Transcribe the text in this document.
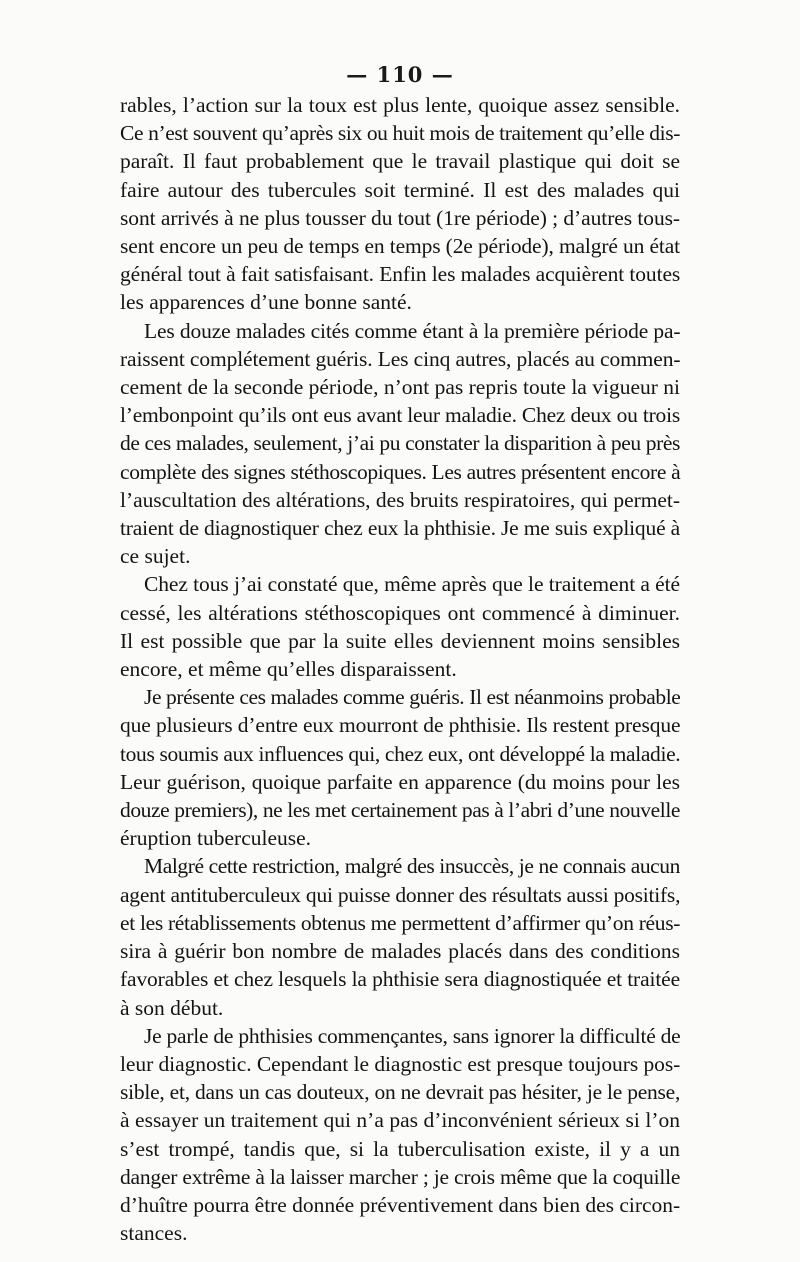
— 110 —

rables, l’action sur la toux est plus lente, quoique assez sensible.
Ce n’est souvent qu’après six ou huit mois de traitement qu’elle dis-
paraît. Il faut probablement que le travail plastique qui doit se
faire autour des tubercules soit terminé. Il est des malades qui
sont arrivés à ne plus tousser du tout (1re période) ; d’autres tous-
sent encore un peu de temps en temps (2e période), malgré un état
général tout à fait satisfaisant. Enfin les malades acquièrent toutes
les apparences d’une bonne santé.

Les douze malades cités comme étant à la première période pa-
raissent complétement guéris. Les cinq autres, placés au commen-
cement de la seconde période, n’ont pas repris toute la vigueur ni
l’embonpoint qu’ils ont eus avant leur maladie. Chez deux ou trois
de ces malades, seulement, j’ai pu constater la disparition à peu près
complète des signes stéthoscopiques. Les autres présentent encore à
l’auscultation des altérations, des bruits respiratoires, qui permet-
traient de diagnostiquer chez eux la phthisie. Je me suis expliqué à
ce sujet.

Chez tous j’ai constaté que, même après que le traitement a été
cessé, les altérations stéthoscopiques ont commencé à diminuer.
Il est possible que par la suite elles deviennent moins sensibles
encore, et même qu’elles disparaissent.

Je présente ces malades comme guéris. Il est néanmoins probable
que plusieurs d’entre eux mourront de phthisie. Ils restent presque
tous soumis aux influences qui, chez eux, ont développé la maladie.
Leur guérison, quoique parfaite en apparence (du moins pour les
douze premiers), ne les met certainement pas à l’abri d’une nouvelle
éruption tuberculeuse.

Malgré cette restriction, malgré des insuccès, je ne connais aucun
agent antituberculeux qui puisse donner des résultats aussi positifs,
et les rétablissements obtenus me permettent d’affirmer qu’on réus-
sira à guérir bon nombre de malades placés dans des conditions
favorables et chez lesquels la phthisie sera diagnostiquée et traitée
à son début.

Je parle de phthisies commençantes, sans ignorer la difficulté de
leur diagnostic. Cependant le diagnostic est presque toujours pos-
sible, et, dans un cas douteux, on ne devrait pas hésiter, je le pense,
à essayer un traitement qui n’a pas d’inconvénient sérieux si l’on
s’est trompé, tandis que, si la tuberculisation existe, il y a un
danger extrême à la laisser marcher ; je crois même que la coquille
d’huître pourra être donnée préventivement dans bien des circon-
stances.
